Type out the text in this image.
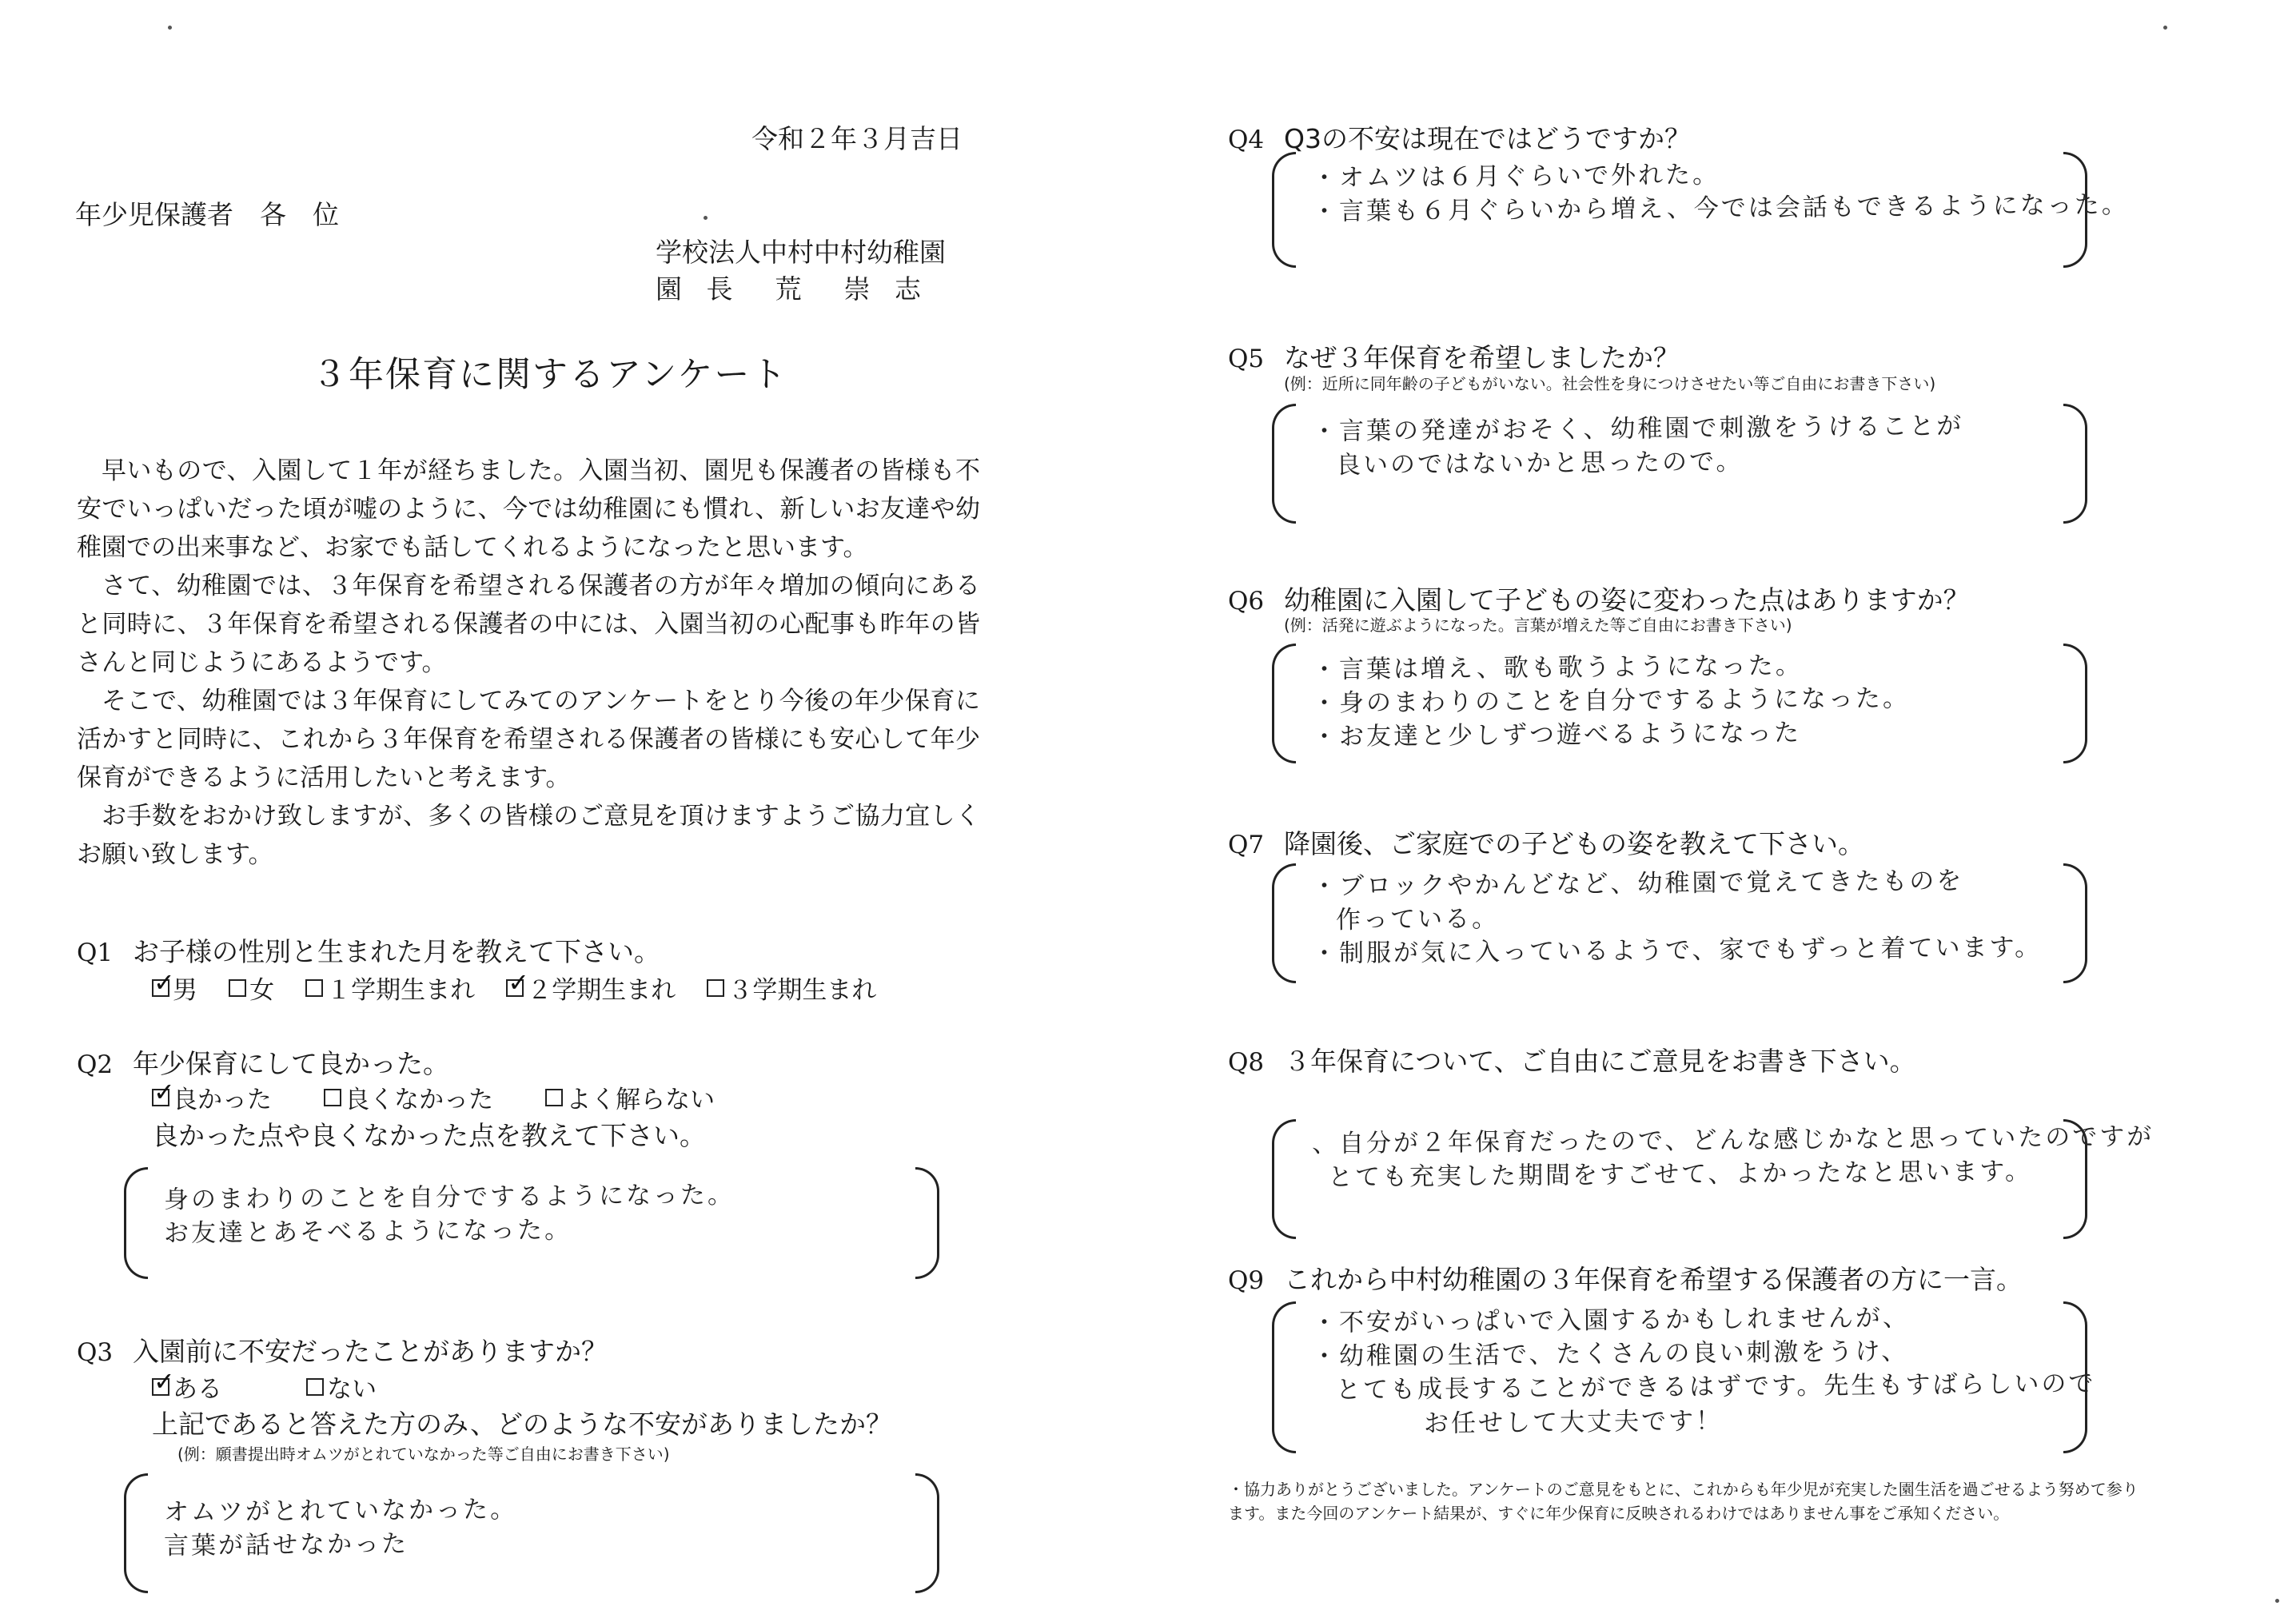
令和２年３月吉日
年少児保護者　各　位
学校法人中村中村幼稚園
園 長　荒　崇 志
３年保育に関するアンケート

早いもので、入園して１年が経ちました。入園当初、園児も保護者の皆様も不安でいっぱいだった頃が嘘のように、今では幼稚園にも慣れ、新しいお友達や幼稚園での出来事など、お家でも話してくれるようになったと思います。

さて、幼稚園では、３年保育を希望される保護者の方が年々増加の傾向にあると同時に、３年保育を希望される保護者の中には、入園当初の心配事も昨年の皆さんと同じようにあるようです。

そこで、幼稚園では３年保育にしてみてのアンケートをとり今後の年少保育に活かすと同時に、これから３年保育を希望される保護者の皆様にも安心して年少保育ができるように活用したいと考えます。

お手数をおかけ致しますが、多くの皆様のご意見を頂けますようご協力宜しくお願い致します。

Q1 お子様の性別と生まれた月を教えて下さい。
✓
男
女
１学期生まれ

✓ ２学期生まれ
３学期生まれ
Q2 年少保育にして良かった。
✓
良かった
	良くなかった
	よく解らない
良かった点や良くなかった点を教えて下さい。
身のまわりのことを自分でするようになった。
お友達とあそべるようになった。
Q3 入園前に不安だったことがありますか？
✓
ある
	ない
上記であると答えた方のみ、どのような不安がありましたか？
(例：願書提出時オムツがとれていなかった等ご自由にお書き下さい)
オムツがとれていなかった。
言葉が話せなかった
Q4 Q3の不安は現在ではどうですか？
・オムツは６月ぐらいで外れた。
・言葉も６月ぐらいから増え、今では会話もできるようになった。
Q5 なぜ３年保育を希望しましたか？
(例：近所に同年齢の子どもがいない。社会性を身につけさせたい等ご自由にお書き下さい)
・言葉の発達がおそく、幼稚園で刺激をうけることが
良いのではないかと思ったので。
Q6 幼稚園に入園して子どもの姿に変わった点はありますか？
(例：活発に遊ぶようになった。言葉が増えた等ご自由にお書き下さい)
・言葉は増え、歌も歌うようになった。
・身のまわりのことを自分でするようになった。
・お友達と少しずつ遊べるようになった
Q7 降園後、ご家庭での子どもの姿を教えて下さい。
・ブロックやかんどなど、幼稚園で覚えてきたものを
作っている。
・制服が気に入っているようで、家でもずっと着ています。
Q8 ３年保育について、ご自由にご意見をお書き下さい。
、自分が２年保育だったので、どんな感じかなと思っていたのですが
とても充実した期間をすごせて、よかったなと思います。
Q9 これから中村幼稚園の３年保育を希望する保護者の方に一言。
・不安がいっぱいで入園するかもしれませんが、
・幼稚園の生活で、たくさんの良い刺激をうけ、
とても成長することができるはずです。先生もすばらしいので
お任せして大丈夫です！

・協力ありがとうございました。アンケートのご意見をもとに、これからも年少児が充実した園生活を過ごせるよう努めて参り

ます。また今回のアンケート結果が、すぐに年少保育に反映されるわけではありません事をご承知ください。
